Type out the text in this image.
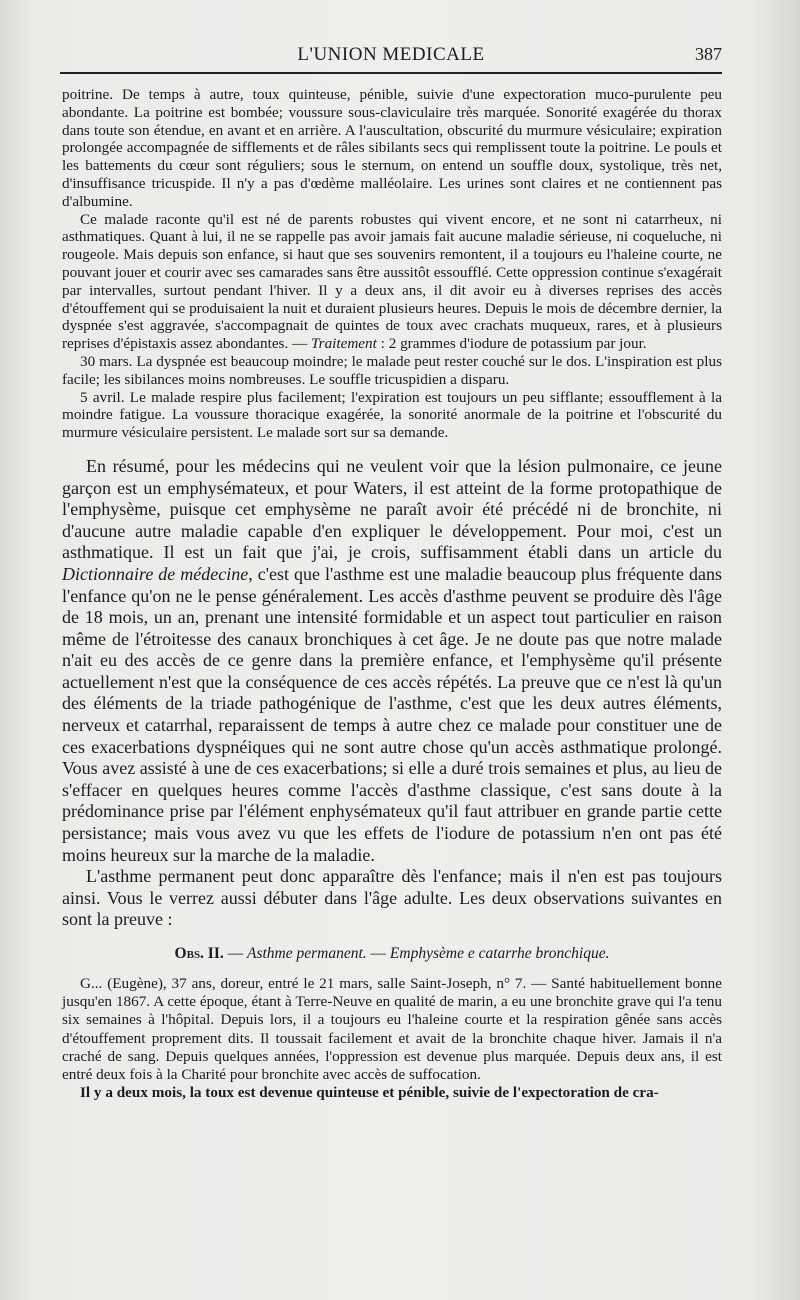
L'UNION MEDICALE	387

poitrine. De temps à autre, toux quinteuse, pénible, suivie d'une expectoration muco-purulente peu abondante. La poitrine est bombée; voussure sous-claviculaire très marquée. Sonorité exagérée du thorax dans toute son étendue, en avant et en arrière. A l'auscultation, obscurité du murmure vésiculaire; expiration prolongée accompagnée de sifflements et de râles sibilants secs qui remplissent toute la poitrine. Le pouls et les battements du cœur sont réguliers; sous le sternum, on entend un souffle doux, systolique, très net, d'insuffisance tricuspide. Il n'y a pas d'œdème malléolaire. Les urines sont claires et ne contiennent pas d'albumine.

Ce malade raconte qu'il est né de parents robustes qui vivent encore, et ne sont ni catarrheux, ni asthmatiques. Quant à lui, il ne se rappelle pas avoir jamais fait aucune maladie sérieuse, ni coqueluche, ni rougeole. Mais depuis son enfance, si haut que ses souvenirs remontent, il a toujours eu l'haleine courte, ne pouvant jouer et courir avec ses camarades sans être aussitôt essoufflé. Cette oppression continue s'exagérait par intervalles, surtout pendant l'hiver. Il y a deux ans, il dit avoir eu à diverses reprises des accès d'étouffement qui se produisaient la nuit et duraient plusieurs heures. Depuis le mois de décembre dernier, la dyspnée s'est aggravée, s'accompagnait de quintes de toux avec crachats muqueux, rares, et à plusieurs reprises d'épistaxis assez abondantes. — Traitement : 2 grammes d'iodure de potassium par jour.

30 mars. La dyspnée est beaucoup moindre; le malade peut rester couché sur le dos. L'inspiration est plus facile; les sibilances moins nombreuses. Le souffle tricuspidien a disparu.

5 avril. Le malade respire plus facilement; l'expiration est toujours un peu sifflante; essoufflement à la moindre fatigue. La voussure thoracique exagérée, la sonorité anormale de la poitrine et l'obscurité du murmure vésiculaire persistent. Le malade sort sur sa demande.

En résumé, pour les médecins qui ne veulent voir que la lésion pulmonaire, ce jeune garçon est un emphysémateux, et pour Waters, il est atteint de la forme protopathique de l'emphysème, puisque cet emphysème ne paraît avoir été précédé ni de bronchite, ni d'aucune autre maladie capable d'en expliquer le développement. Pour moi, c'est un asthmatique. Il est un fait que j'ai, je crois, suffisamment établi dans un article du Dictionnaire de médecine, c'est que l'asthme est une maladie beaucoup plus fréquente dans l'enfance qu'on ne le pense généralement. Les accès d'asthme peuvent se produire dès l'âge de 18 mois, un an, prenant une intensité formidable et un aspect tout particulier en raison même de l'étroitesse des canaux bronchiques à cet âge. Je ne doute pas que notre malade n'ait eu des accès de ce genre dans la première enfance, et l'emphysème qu'il présente actuellement n'est que la conséquence de ces accès répétés. La preuve que ce n'est là qu'un des éléments de la triade pathogénique de l'asthme, c'est que les deux autres éléments, nerveux et catarrhal, reparaissent de temps à autre chez ce malade pour constituer une de ces exacerbations dyspnéiques qui ne sont autre chose qu'un accès asthmatique prolongé. Vous avez assisté à une de ces exacerbations; si elle a duré trois semaines et plus, au lieu de s'effacer en quelques heures comme l'accès d'asthme classique, c'est sans doute à la prédominance prise par l'élément enphysémateux qu'il faut attribuer en grande partie cette persistance; mais vous avez vu que les effets de l'iodure de potassium n'en ont pas été moins heureux sur la marche de la maladie.

L'asthme permanent peut donc apparaître dès l'enfance; mais il n'en est pas toujours ainsi. Vous le verrez aussi débuter dans l'âge adulte. Les deux observations suivantes en sont la preuve :

Obs. II. — Asthme permanent. — Emphysème e catarrhe bronchique.

G... (Eugène), 37 ans, doreur, entré le 21 mars, salle Saint-Joseph, n° 7. — Santé habituellement bonne jusqu'en 1867. A cette époque, étant à Terre-Neuve en qualité de marin, a eu une bronchite grave qui l'a tenu six semaines à l'hôpital. Depuis lors, il a toujours eu l'haleine courte et la respiration gênée sans accès d'étouffement proprement dits. Il toussait facilement et avait de la bronchite chaque hiver. Jamais il n'a craché de sang. Depuis quelques années, l'oppression est devenue plus marquée. Depuis deux ans, il est entré deux fois à la Charité pour bronchite avec accès de suffocation.

Il y a deux mois, la toux est devenue quinteuse et pénible, suivie de l'expectoration de cra-
